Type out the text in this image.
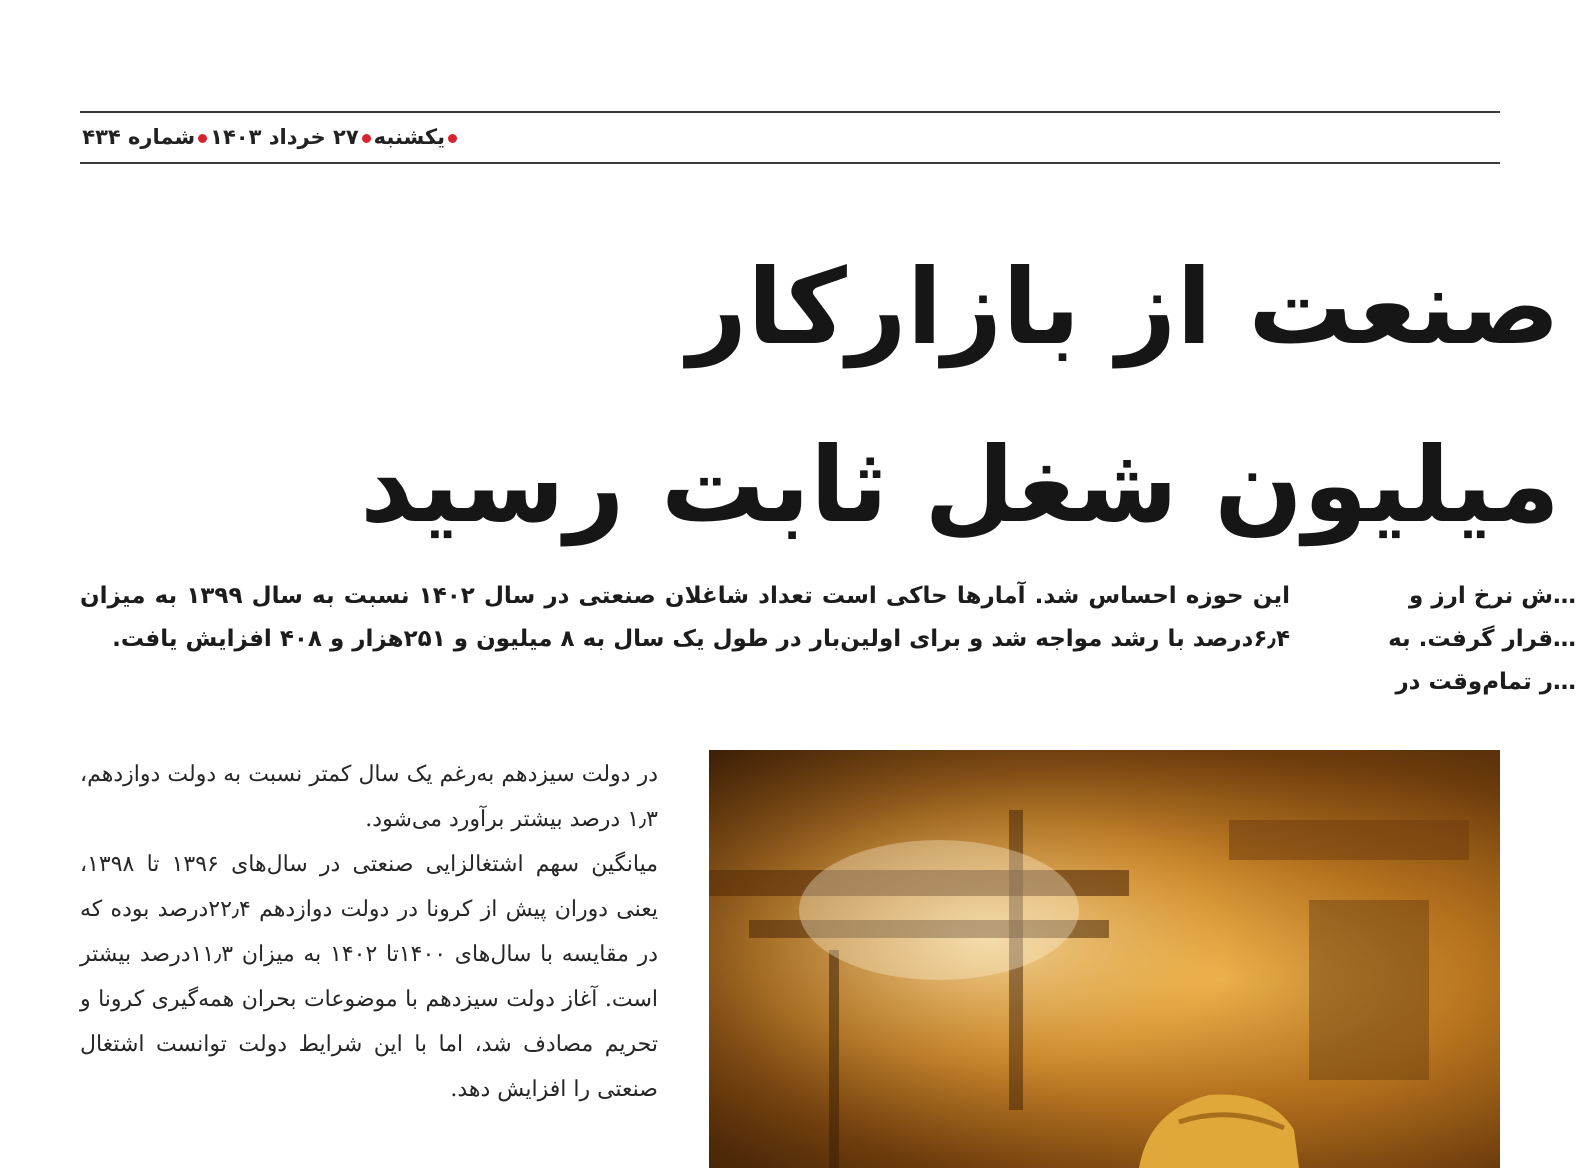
یکشنبه۲۷ خرداد ۱۴۰۳شماره ۴۳۴
صنعت از بازارکار
میلیون شغل ثابت رسید
این حوزه احساس شد. آمارها حاکی است تعداد شاغلان صنعتی در سال ۱۴۰۲ نسبت به سال ۱۳۹۹ به میزان ۶٫۴درصد با رشد مواجه شد و برای اولین‌بار در طول یک سال به ۸ میلیون و ۲۵۱هزار و ۴۰۸ افزایش یافت.
…ش نرخ ارز و
…قرار گرفت. به
…ر تمام‌وقت در
در دولت سیزدهم به‌رغم یک سال کمتر نسبت به دولت دوازدهم، ۱٫۳ درصد بیشتر برآورد می‌شود.
میانگین سهم اشتغالزایی صنعتی در سال‌های ۱۳۹۶ تا ۱۳۹۸، یعنی دوران پیش از کرونا در دولت دوازدهم ۲۲٫۴درصد بوده که در مقایسه با سال‌های ۱۴۰۰تا ۱۴۰۲ به میزان ۱۱٫۳درصد بیشتر است. آغاز دولت سیزدهم با موضوعات بحران همه‌گیری کرونا و تحریم مصادف شد، اما با این شرایط دولت توانست اشتغال صنعتی را افزایش دهد.
